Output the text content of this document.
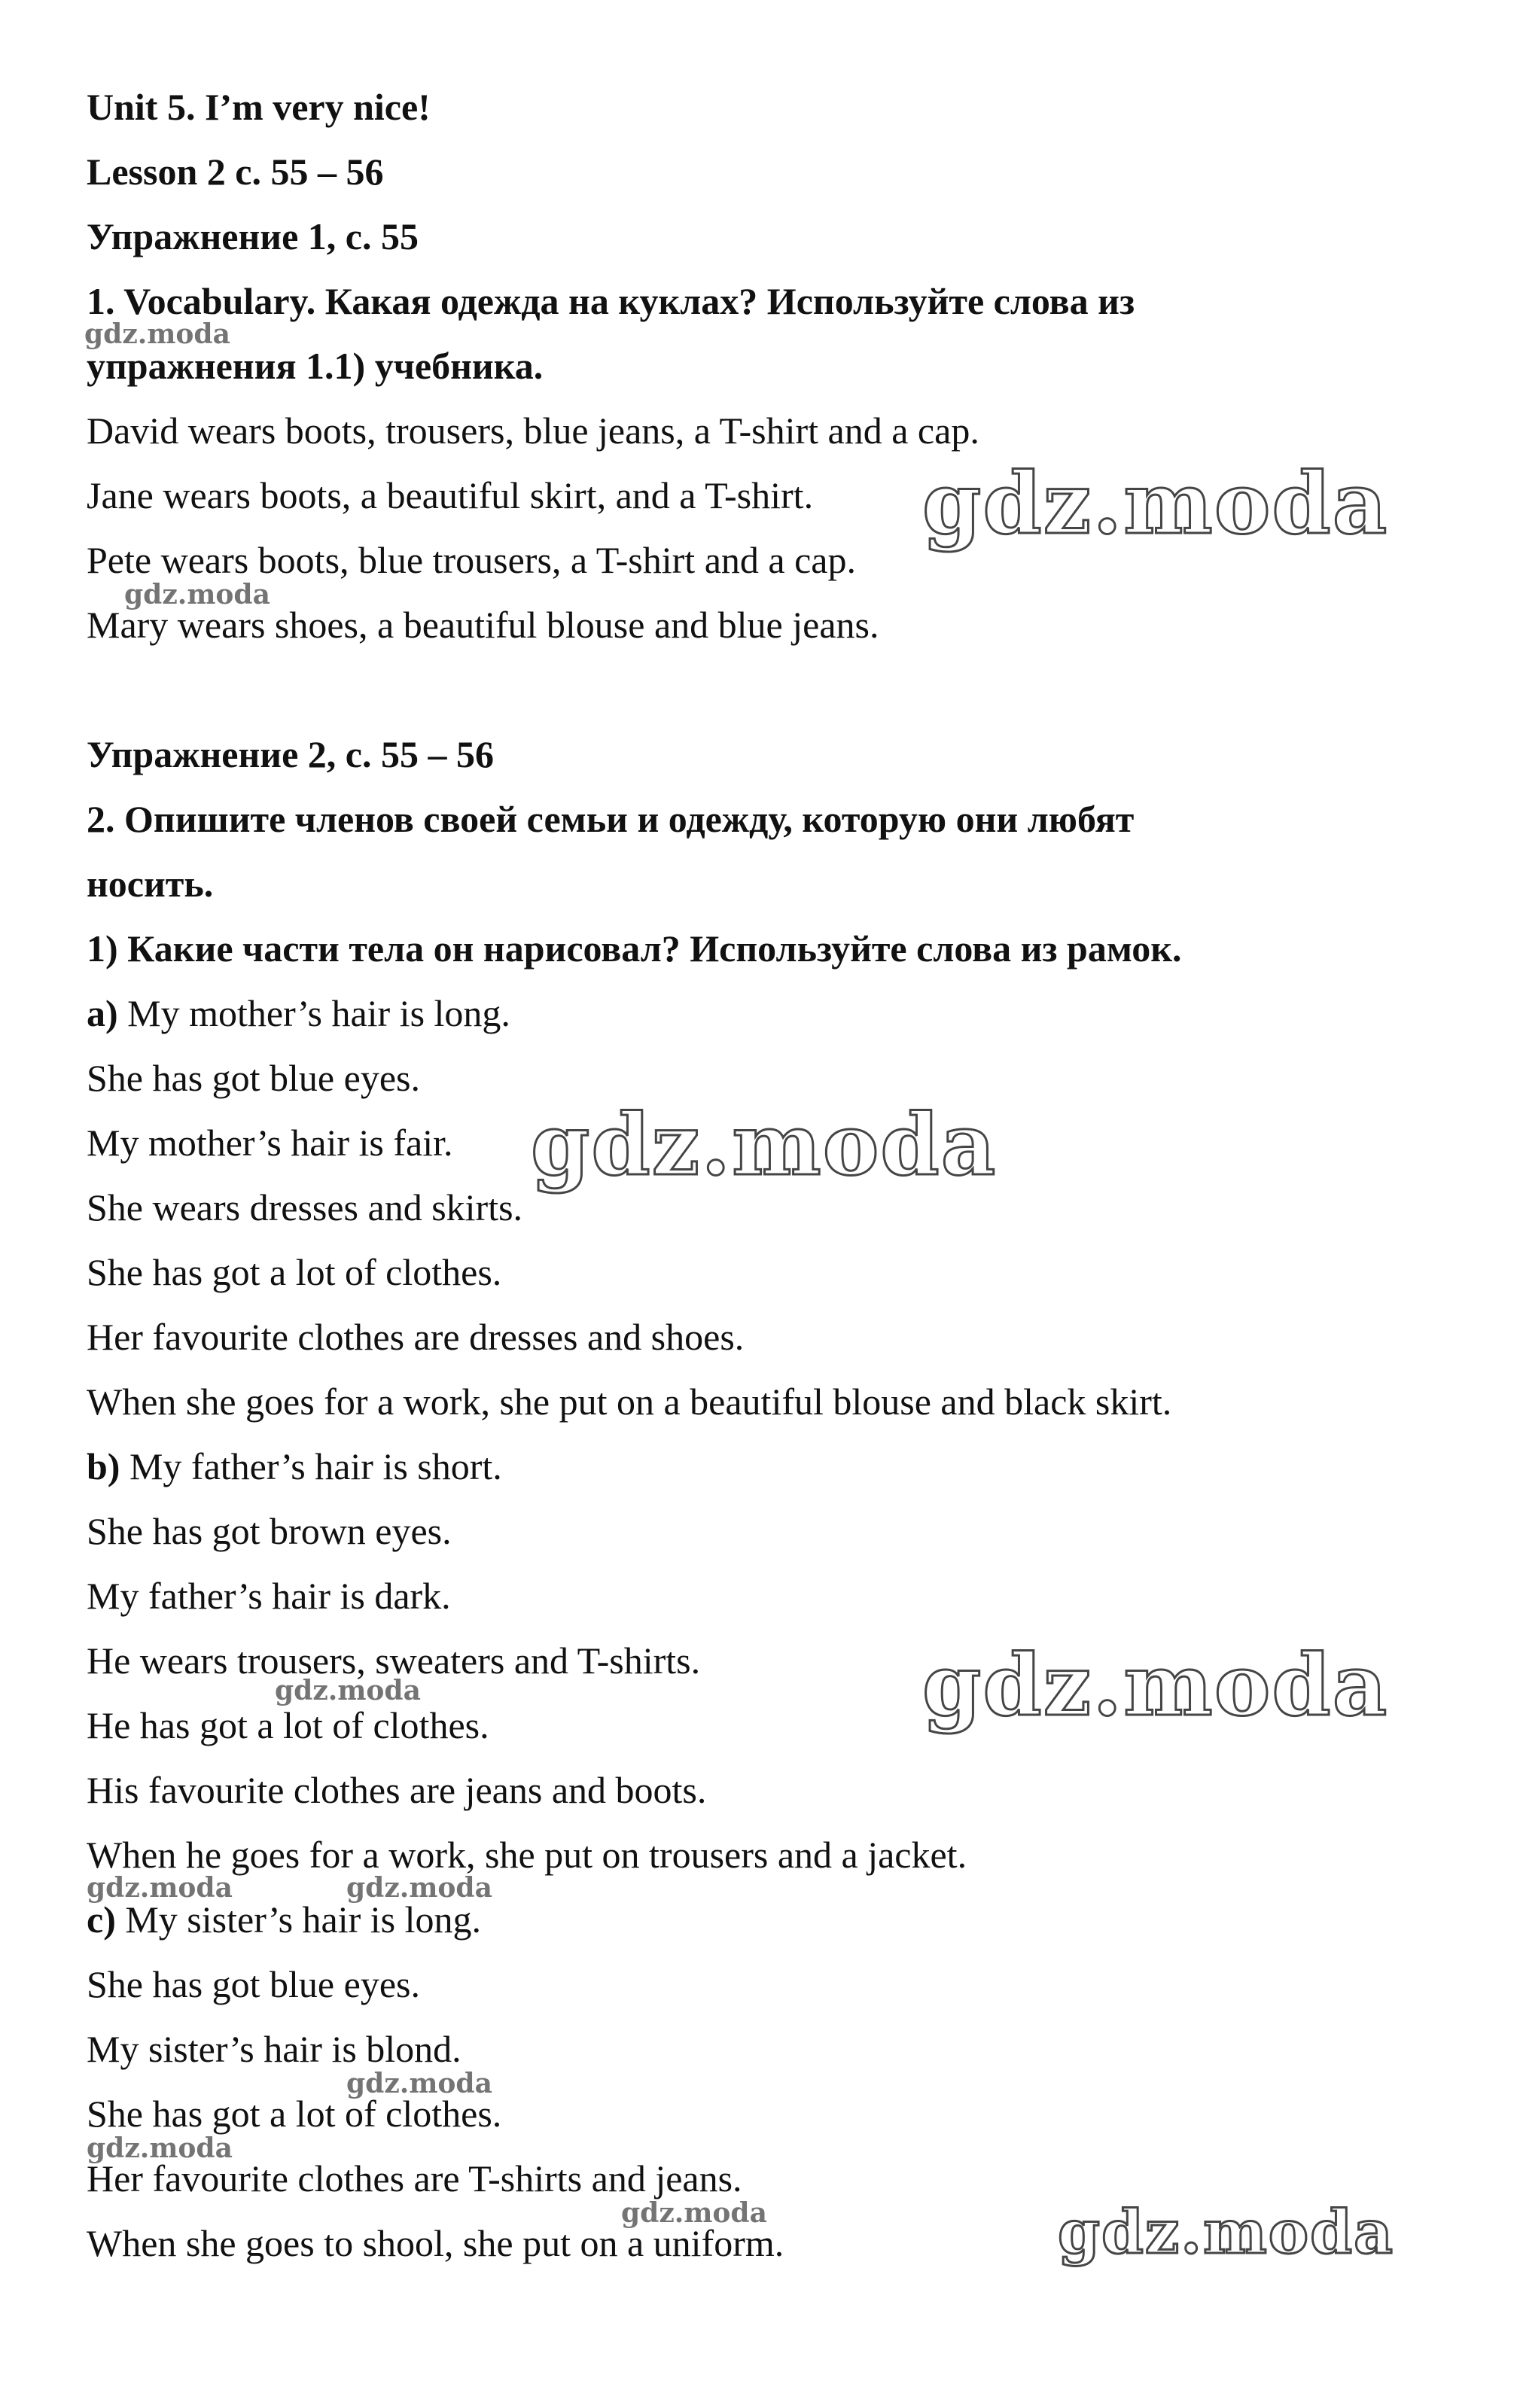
Unit 5. I’m very nice!

Lesson 2 с. 55 – 56

Упражнение 1, с. 55

1. Vocabulary. Какая одежда на куклах? Используйте слова из

упражнения 1.1) учебника.

David wears boots, trousers, blue jeans, a T-shirt and a cap.

Jane wears boots, a beautiful skirt, and a T-shirt.

Pete wears boots, blue trousers, a T-shirt and a cap.

Mary wears shoes, a beautiful blouse and blue jeans.

Упражнение 2, с. 55 – 56

2. Опишите членов своей семьи и одежду, которую они любят

носить.

1) Какие части тела он нарисовал? Используйте слова из рамок.

a) My mother’s hair is long.

She has got blue eyes.

My mother’s hair is fair.

She wears dresses and skirts.

She has got a lot of clothes.

Her favourite clothes are dresses and shoes.

When she goes for a work, she put on a beautiful blouse and black skirt.

b) My father’s hair is short.

She has got brown eyes.

My father’s hair is dark.

He wears trousers, sweaters and T-shirts.

He has got a lot of clothes.

His favourite clothes are jeans and boots.

When he goes for a work, she put on trousers and a jacket.

c) My sister’s hair is long.

She has got blue eyes.

My sister’s hair is blond.

She has got a lot of clothes.

Her favourite clothes are T-shirts and jeans.

When she goes to shool, she put on a uniform.

gdz.moda
gdz.moda
gdz.moda
gdz.moda
gdz.moda
gdz.moda
gdz.moda
gdz.moda	gdz.moda
gdz.moda
gdz.moda
gdz.moda
